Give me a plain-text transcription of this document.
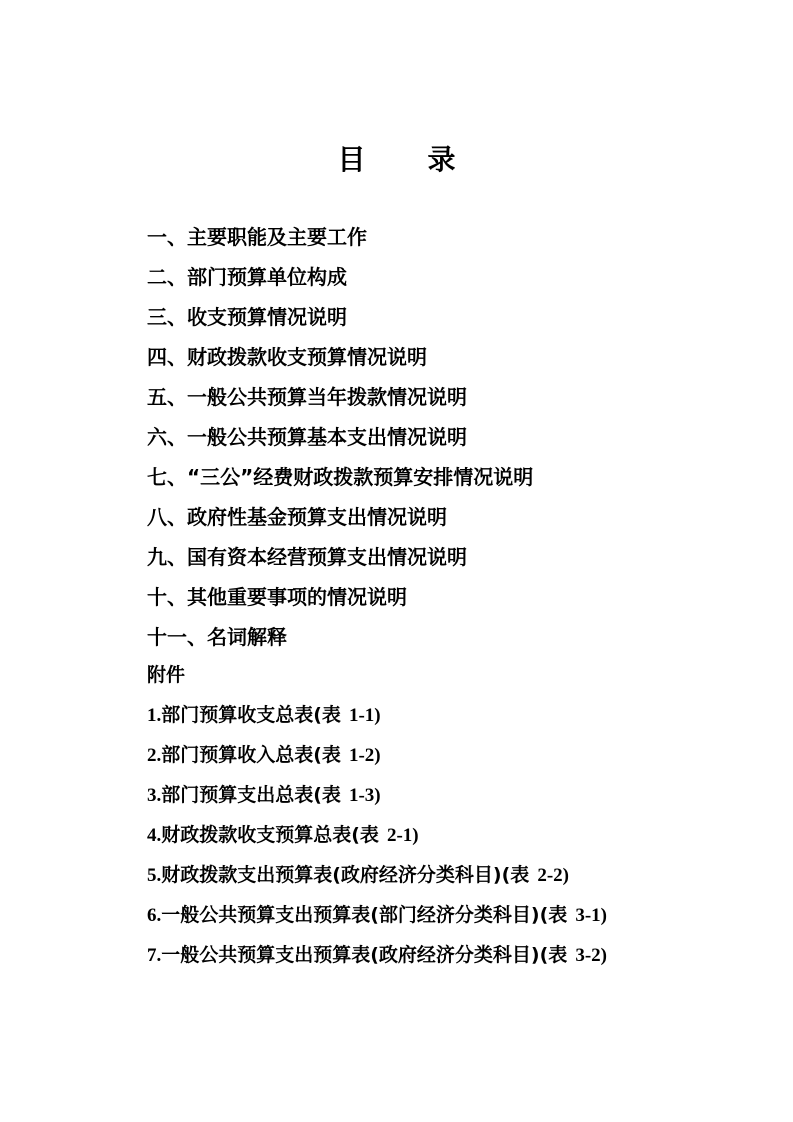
目录
一、主要职能及主要工作
二、部门预算单位构成
三、收支预算情况说明
四、财政拨款收支预算情况说明
五、一般公共预算当年拨款情况说明
六、一般公共预算基本支出情况说明
七、“三公”经费财政拨款预算安排情况说明
八、政府性基金预算支出情况说明
九、国有资本经营预算支出情况说明
十、其他重要事项的情况说明
十一、名词解释
附件
1.部门预算收支总表(表 1-1)
2.部门预算收入总表(表 1-2)
3.部门预算支出总表(表 1-3)
4.财政拨款收支预算总表(表 2-1)
5.财政拨款支出预算表(政府经济分类科目)(表 2-2)
6.一般公共预算支出预算表(部门经济分类科目)(表 3-1)
7.一般公共预算支出预算表(政府经济分类科目)(表 3-2)
